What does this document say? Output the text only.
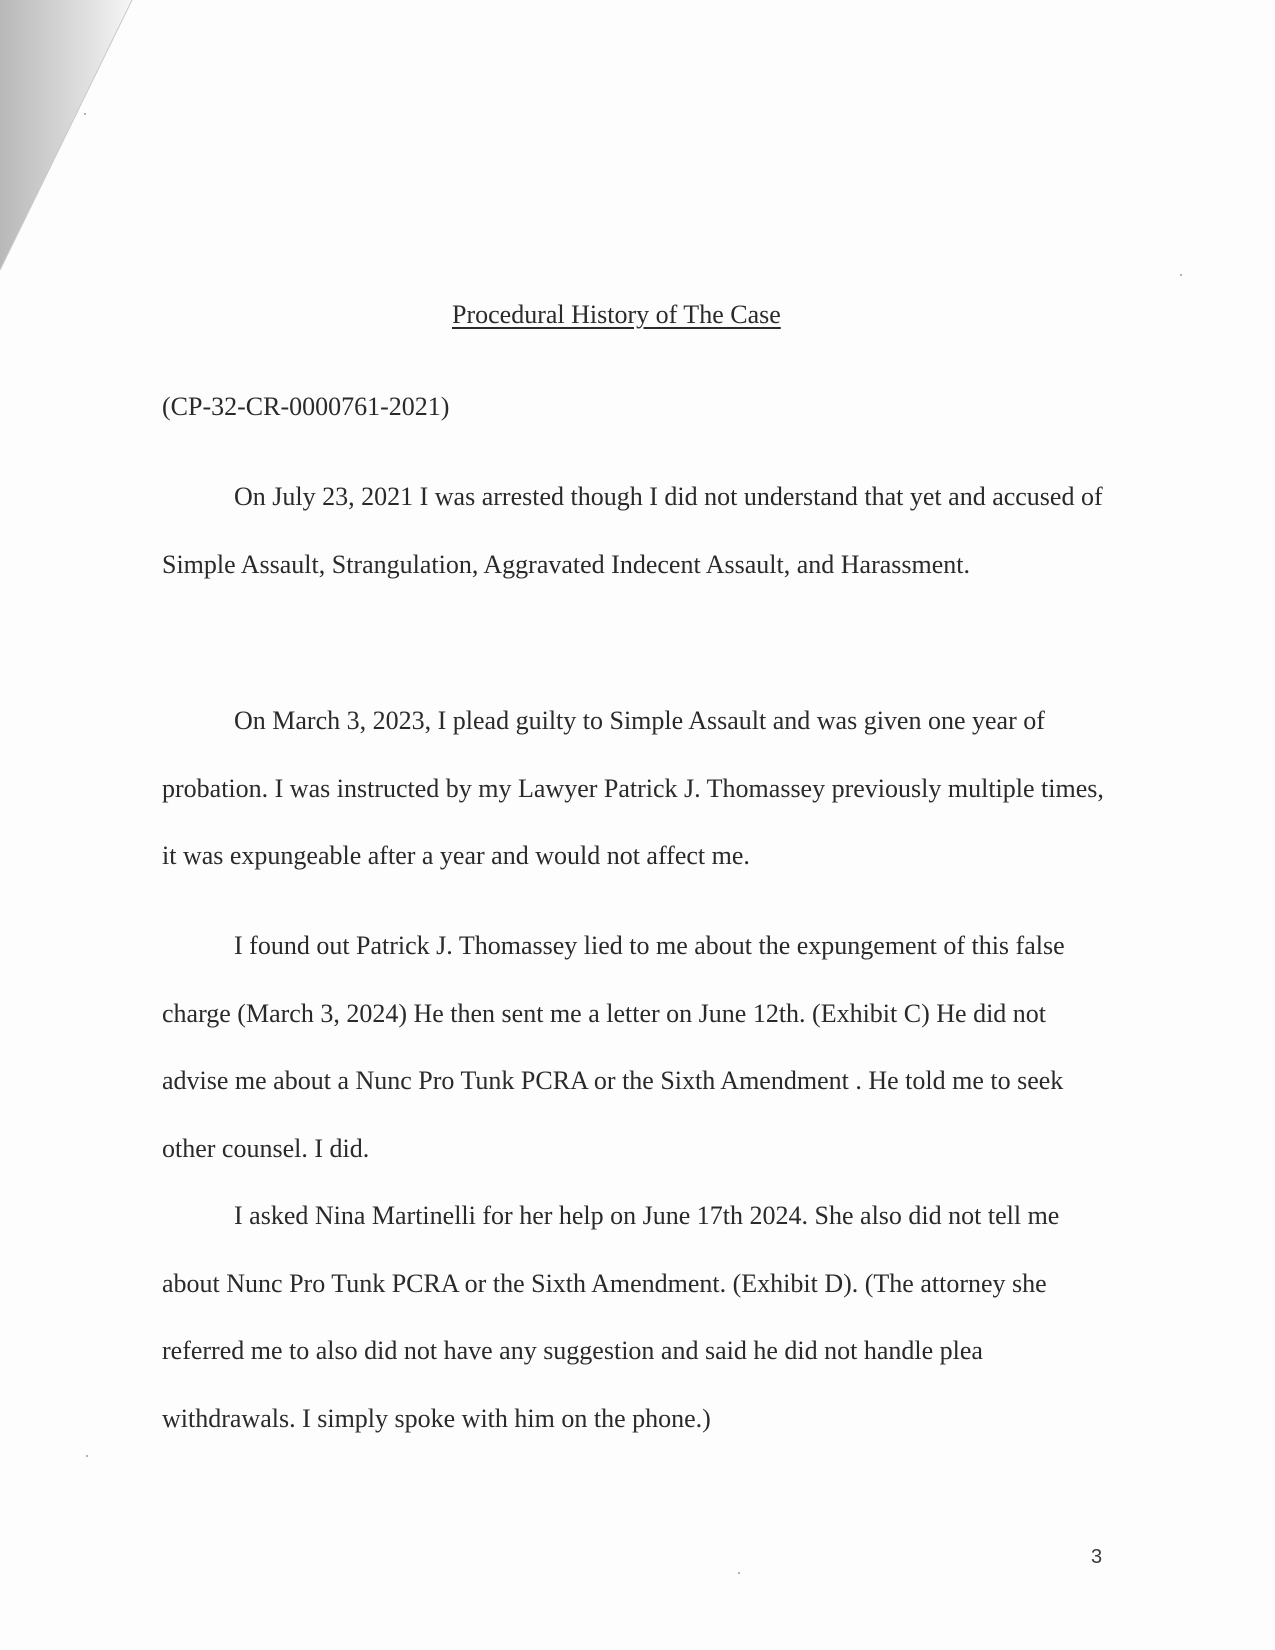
Procedural History of The Case
(CP-32-CR-0000761-2021)

On July 23, 2021 I was arrested though I did not understand that yet and accused of Simple Assault, Strangulation, Aggravated Indecent Assault, and Harassment.

On March 3, 2023, I plead guilty to Simple Assault and was given one year of probation. I was instructed by my Lawyer Patrick J. Thomassey previously multiple times, it was expungeable after a year and would not affect me.

I found out Patrick J. Thomassey lied to me about the expungement of this false charge (March 3, 2024) He then sent me a letter on June 12th. (Exhibit C) He did not advise me about a Nunc Pro Tunk PCRA or the Sixth Amendment . He told me to seek other counsel. I did.

I asked Nina Martinelli for her help on June 17th 2024. She also did not tell me about Nunc Pro Tunk PCRA or the Sixth Amendment. (Exhibit D). (The attorney she referred me to also did not have any suggestion and said he did not handle plea withdrawals. I simply spoke with him on the phone.)

3
